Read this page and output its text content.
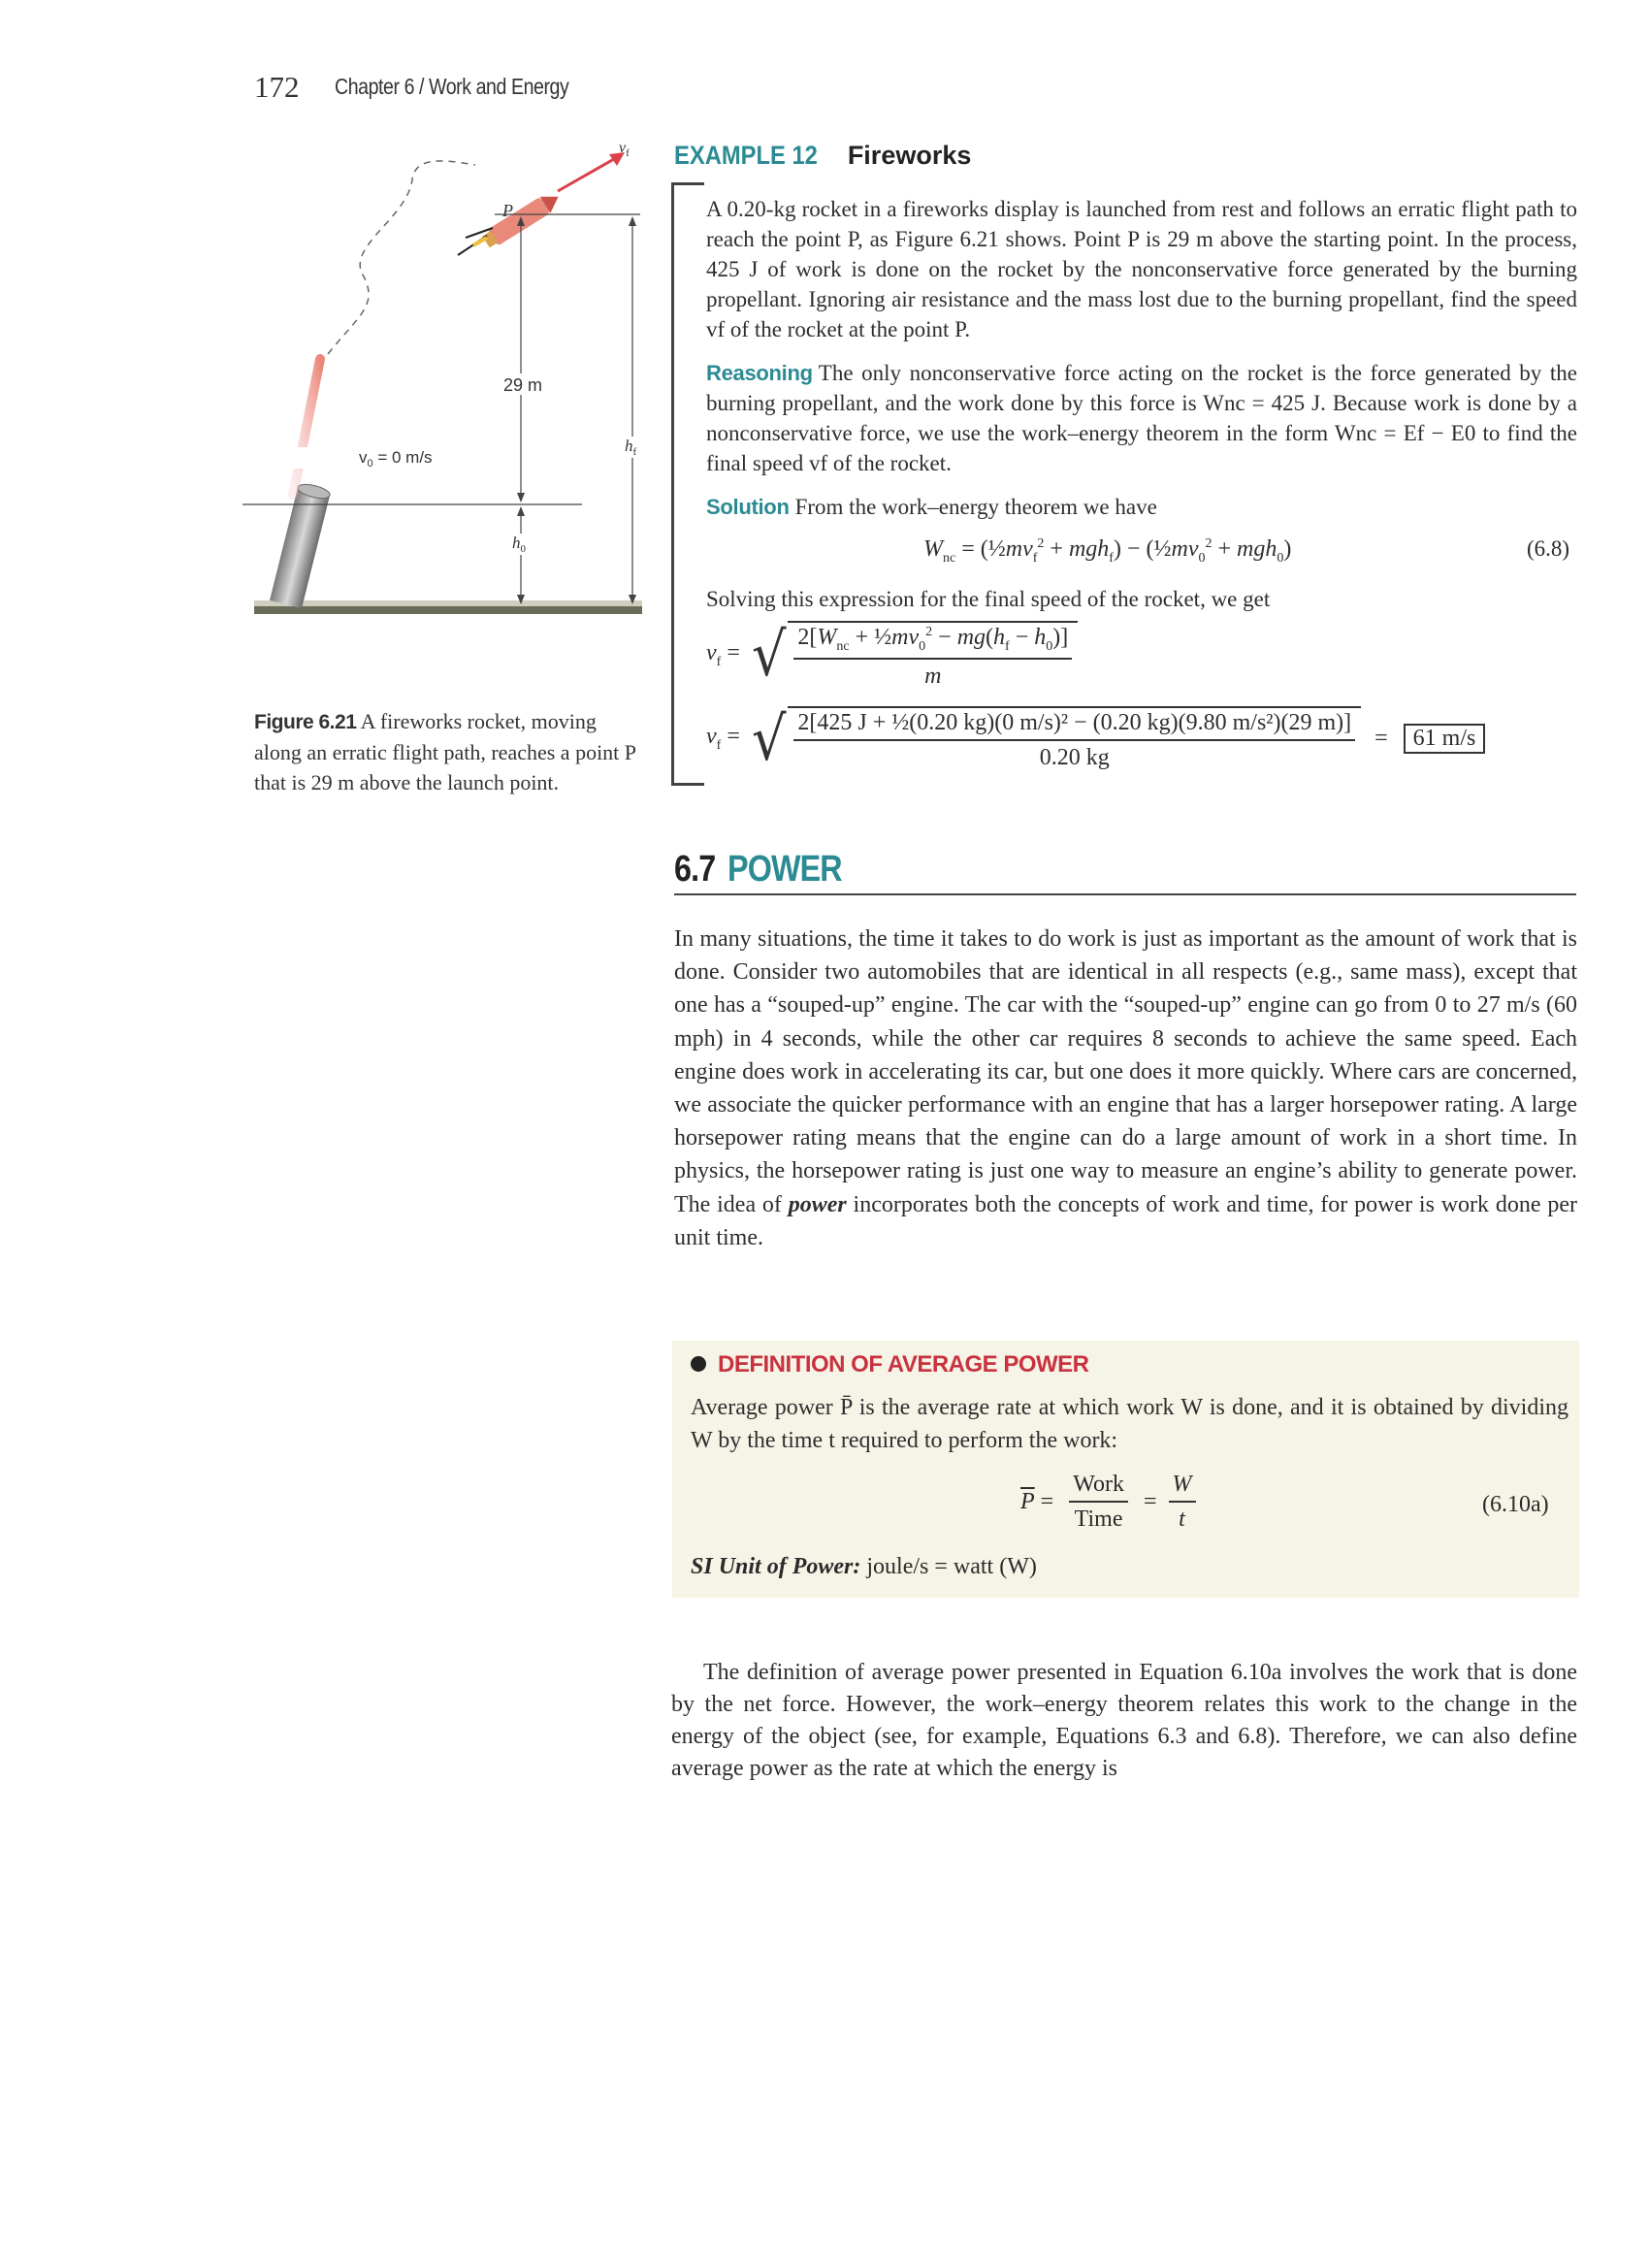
172 Chapter 6 / Work and Energy
$v_f$
P
29 m
$h_f$
$v_0 = 0$ m/s
$h_0$
Figure 6.21 A fireworks rocket, moving along an erratic flight path, reaches a point P that is 29 m above the launch point.
EXAMPLE 12 Fireworks
A 0.20-kg rocket in a fireworks display is launched from rest and follows an erratic flight path to reach the point P, as Figure 6.21 shows. Point P is 29 m above the starting point. In the process, 425 J of work is done on the rocket by the nonconservative force generated by the burning propellant. Ignoring air resistance and the mass lost due to the burning propellant, find the speed vf of the rocket at the point P.
Reasoning The only nonconservative force acting on the rocket is the force generated by the burning propellant, and the work done by this force is Wnc = 425 J. Because work is done by a nonconservative force, we use the work–energy theorem in the form Wnc = Ef − E0 to find the final speed vf of the rocket.
Solution From the work–energy theorem we have
$W_{nc}$ = $(\frac{1}{2}mv_f^2 + mgh_f)$ − $(\frac{1}{2}mv_0^2 + mgh_0)$	(6.8)
Solving this expression for the final speed of the rocket, we get
$v_f$ = √ $\frac{2[W_{nc} + \frac{1}{2}mv_0^2 - mg(h_f - h_0)]}{m}$
$v_f$ = √ $\frac{\text{2[425 J + ½(0.20 kg)(0 m/s)² − (0.20 kg)(9.80 m/s²)(29 m)]}}{0.20 kg}$ =	61 m/s
6.7 POWER
In many situations, the time it takes to do work is just as important as the amount of work that is done. Consider two automobiles that are identical in all respects (e.g., same mass), except that one has a “souped-up” engine. The car with the “souped-up” engine can go from 0 to 27 m/s (60 mph) in 4 seconds, while the other car requires 8 seconds to achieve the same speed. Each engine does work in accelerating its car, but one does it more quickly. Where cars are concerned, we associate the quicker performance with an engine that has a larger horsepower rating. A large horsepower rating means that the engine can do a large amount of work in a short time. In physics, the horsepower rating is just one way to measure an engine’s ability to generate power. The idea of power incorporates both the concepts of work and time, for power is work done per unit time.
DEFINITION OF AVERAGE POWER
Average power P̄ is the average rate at which work W is done, and it is obtained by dividing W by the time t required to perform the work:
$\overline{P} = \frac{\text{Work}}{\text{Time}} = \frac{W}{t}$	(6.10a)
SI Unit of Power: joule/s = watt (W)
The definition of average power presented in Equation 6.10a involves the work that is done by the net force. However, the work–energy theorem relates this work to the change in the energy of the object (see, for example, Equations 6.3 and 6.8). Therefore, we can also define average power as the rate at which the energy is
